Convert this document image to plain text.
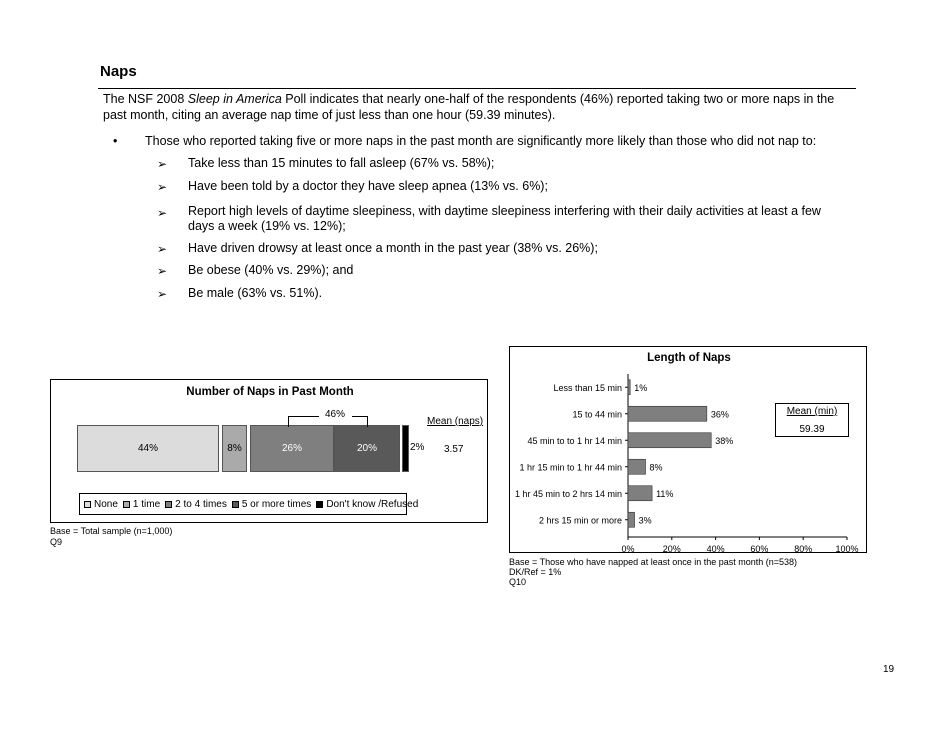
Naps
The NSF 2008 Sleep in America Poll indicates that nearly one-half of the respondents (46%) reported taking two or more naps in the past month, citing an average nap time of just less than one hour (59.39 minutes).
• Those who reported taking five or more naps in the past month are significantly more likely than those who did not nap to:
➢ Take less than 15 minutes to fall asleep (67% vs. 58%);
➢ Have been told by a doctor they have sleep apnea (13% vs. 6%);
➢ Report high levels of daytime sleepiness, with daytime sleepiness interfering with their daily activities at least a few days a week (19% vs. 12%);
➢ Have driven drowsy at least once a month in the past year (38% vs. 26%);
➢ Be obese (40% vs. 29%); and
➢ Be male (63% vs. 51%).
Number of Naps in Past Month
44%	8%	26%	20%	2%
46%
Mean (naps)
3.57
None 1 time 2 to 4 times 5 or more times Don't know /Refused
Base = Total sample (n=1,000)
Q9
Length of Naps
Less than 15 min 1%
15 to 44 min	36%
45 min to to 1 hr 14 min	38%
1 hr 15 min to 1 hr 44 min	8%
1 hr 45 min to 2 hrs 14 min	11%
2 hrs 15 min or more 3%
0%	20%	40%	60%	80%	100%
Mean (min)
59.39
Base = Those who have napped at least once in the past month (n=538)
DK/Ref = 1%
Q10
19
